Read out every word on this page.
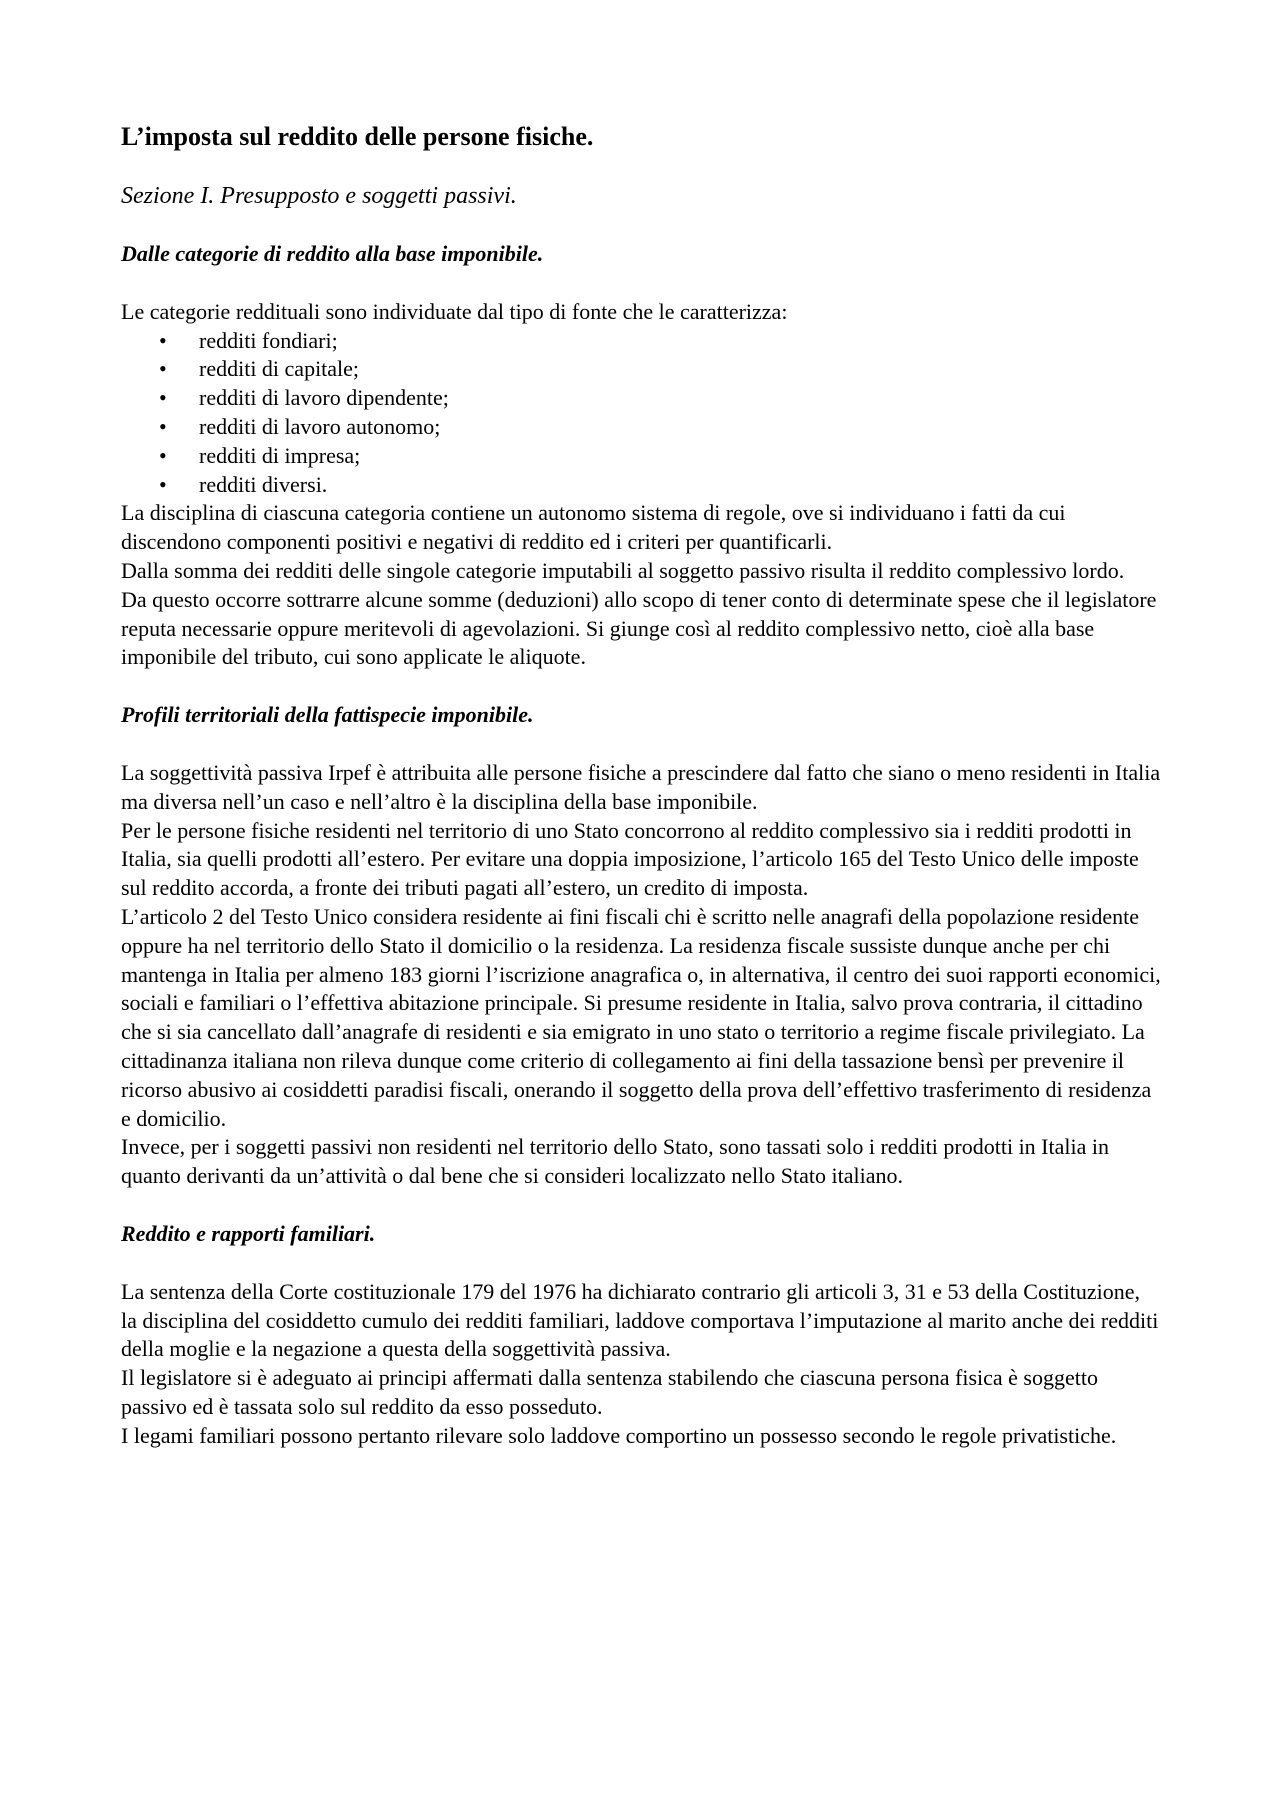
L’imposta sul reddito delle persone fisiche.
Sezione I. Presupposto e soggetti passivi.
Dalle categorie di reddito alla base imponibile.

Le categorie reddituali sono individuate dal tipo di fonte che le caratterizza:

• redditi fondiari;
• redditi di capitale;
• redditi di lavoro dipendente;
• redditi di lavoro autonomo;
• redditi di impresa;
• redditi diversi.

La disciplina di ciascuna categoria contiene un autonomo sistema di regole, ove si individuano i fatti da cui discendono componenti positivi e negativi di reddito ed i criteri per quantificarli.

Dalla somma dei redditi delle singole categorie imputabili al soggetto passivo risulta il reddito complessivo lordo.

Da questo occorre sottrarre alcune somme (deduzioni) allo scopo di tener conto di determinate spese che il legislatore reputa necessarie oppure meritevoli di agevolazioni. Si giunge così al reddito complessivo netto, cioè alla base imponibile del tributo, cui sono applicate le aliquote.

Profili territoriali della fattispecie imponibile.

La soggettività passiva Irpef è attribuita alle persone fisiche a prescindere dal fatto che siano o meno residenti in Italia ma diversa nell’un caso e nell’altro è la disciplina della base imponibile.

Per le persone fisiche residenti nel territorio di uno Stato concorrono al reddito complessivo sia i redditi prodotti in Italia, sia quelli prodotti all’estero. Per evitare una doppia imposizione, l’articolo 165 del Testo Unico delle imposte sul reddito accorda, a fronte dei tributi pagati all’estero, un credito di imposta.

L’articolo 2 del Testo Unico considera residente ai fini fiscali chi è scritto nelle anagrafi della popolazione residente oppure ha nel territorio dello Stato il domicilio o la residenza. La residenza fiscale sussiste dunque anche per chi mantenga in Italia per almeno 183 giorni l’iscrizione anagrafica o, in alternativa, il centro dei suoi rapporti economici, sociali e familiari o l’effettiva abitazione principale. Si presume residente in Italia, salvo prova contraria, il cittadino che si sia cancellato dall’anagrafe di residenti e sia emigrato in uno stato o territorio a regime fiscale privilegiato. La cittadinanza italiana non rileva dunque come criterio di collegamento ai fini della tassazione bensì per prevenire il ricorso abusivo ai cosiddetti paradisi fiscali, onerando il soggetto della prova dell’effettivo trasferimento di residenza e domicilio.

Invece, per i soggetti passivi non residenti nel territorio dello Stato, sono tassati solo i redditi prodotti in Italia in quanto derivanti da un’attività o dal bene che si consideri localizzato nello Stato italiano.

Reddito e rapporti familiari.

La sentenza della Corte costituzionale 179 del 1976 ha dichiarato contrario gli articoli 3, 31 e 53 della Costituzione, la disciplina del cosiddetto cumulo dei redditi familiari, laddove comportava l’imputazione al marito anche dei redditi della moglie e la negazione a questa della soggettività passiva.

Il legislatore si è adeguato ai principi affermati dalla sentenza stabilendo che ciascuna persona fisica è soggetto passivo ed è tassata solo sul reddito da esso posseduto.

I legami familiari possono pertanto rilevare solo laddove comportino un possesso secondo le regole privatistiche.
